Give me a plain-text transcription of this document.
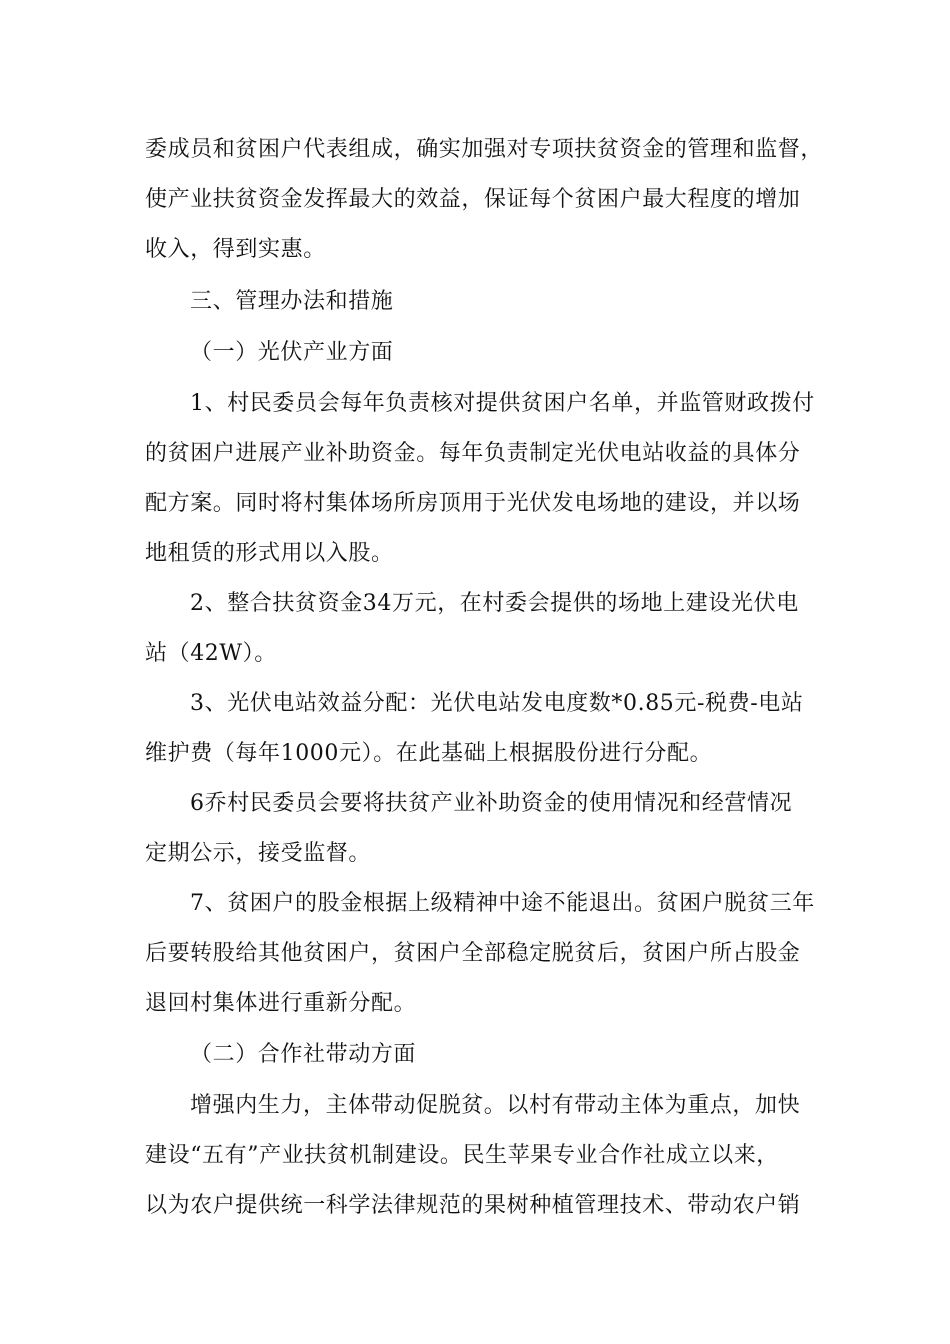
委成员和贫困户代表组成，确实加强对专项扶贫资金的管理和监督，

使产业扶贫资金发挥最大的效益，保证每个贫困户最大程度的增加

收入，得到实惠。

三、管理办法和措施

（一）光伏产业方面

1、村民委员会每年负责核对提供贫困户名单，并监管财政拨付

的贫困户进展产业补助资金。每年负责制定光伏电站收益的具体分

配方案。同时将村集体场所房顶用于光伏发电场地的建设，并以场

地租赁的形式用以入股。

2、整合扶贫资金34万元，在村委会提供的场地上建设光伏电

站（42W）。

3、光伏电站效益分配：光伏电站发电度数*0.85元-税费-电站

维护费（每年1000元）。在此基础上根据股份进行分配。

6乔村民委员会要将扶贫产业补助资金的使用情况和经营情况

定期公示，接受监督。

7、贫困户的股金根据上级精神中途不能退出。贫困户脱贫三年

后要转股给其他贫困户，贫困户全部稳定脱贫后，贫困户所占股金

退回村集体进行重新分配。

（二）合作社带动方面

增强内生力，主体带动促脱贫。以村有带动主体为重点，加快

建设“五有”产业扶贫机制建设。民生苹果专业合作社成立以来，

以为农户提供统一科学法律规范的果树种植管理技术、带动农户销
